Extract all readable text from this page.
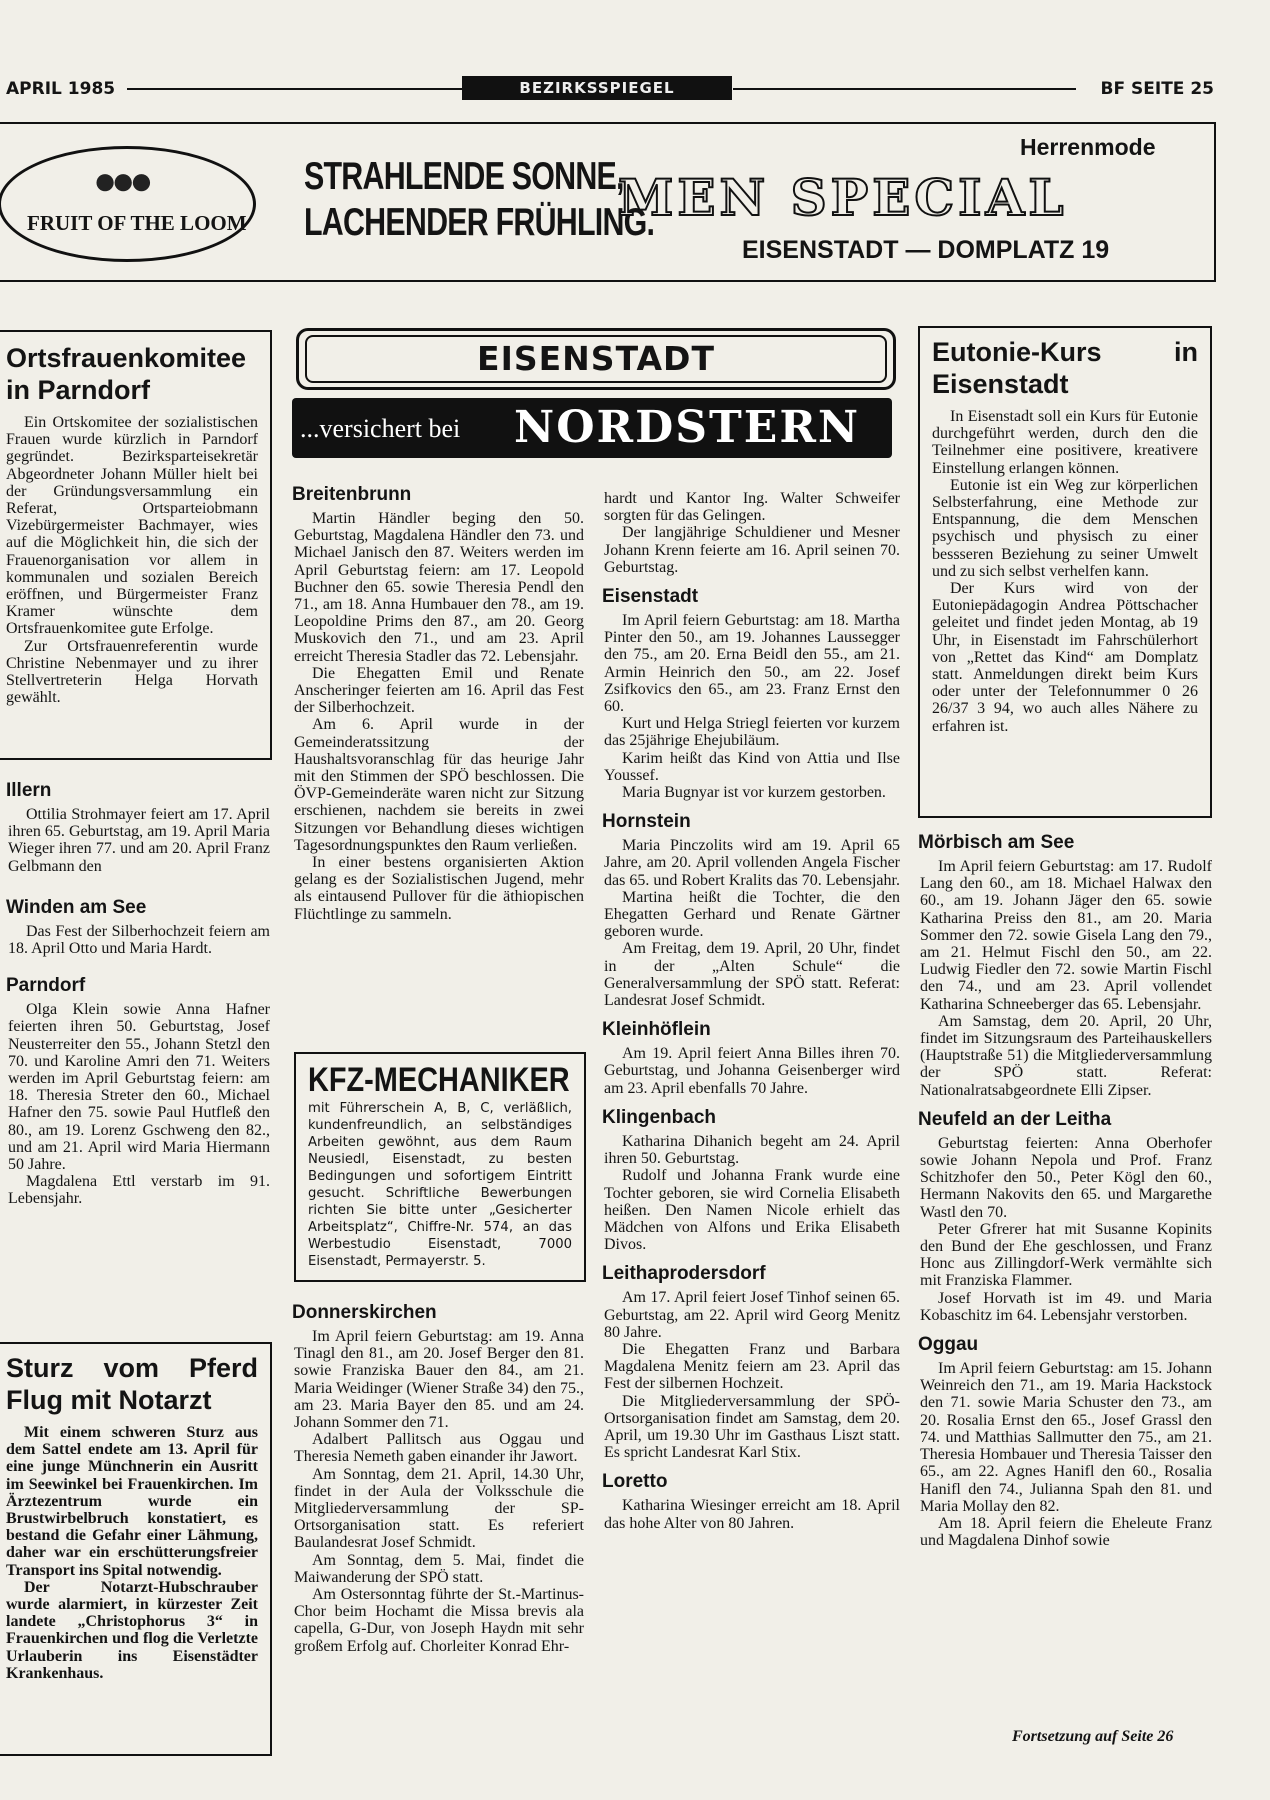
APRIL 1985	BEZIRKSSPIEGEL	BF SEITE 25
●●●
FRUIT OF THE LOOM
STRAHLENDE SONNE,
LACHENDER FRÜHLING.
Herrenmode
MEN SPECIAL
EISENSTADT — DOMPLATZ 19
Ortsfrauenkomitee in Parndorf

Ein Ortskomitee der sozialistischen Frauen wurde kürzlich in Parndorf gegründet. Bezirksparteisekretär Abgeordneter Johann Müller hielt bei der Gründungsversammlung ein Referat, Ortsparteiobmann Vizebürgermeister Bachmayer, wies auf die Möglichkeit hin, die sich der Frauenorganisation vor allem in kommunalen und sozialen Bereich eröffnen, und Bürgermeister Franz Kramer wünschte dem Ortsfrauenkomitee gute Erfolge.

Zur Ortsfrauenreferentin wurde Christine Nebenmayer und zu ihrer Stellvertreterin Helga Horvath gewählt.

Illern

Ottilia Strohmayer feiert am 17. April ihren 65. Geburtstag, am 19. April Maria Wieger ihren 77. und am 20. April Franz Gelbmann den

Winden am See

Das Fest der Silberhochzeit feiern am 18. April Otto und Maria Hardt.

Parndorf

Olga Klein sowie Anna Hafner feierten ihren 50. Geburtstag, Josef Neusterreiter den 55., Johann Stetzl den 70. und Karoline Amri den 71. Weiters werden im April Geburtstag feiern: am 18. Theresia Streter den 60., Michael Hafner den 75. sowie Paul Hutfleß den 80., am 19. Lorenz Gschweng den 82., und am 21. April wird Maria Hiermann 50 Jahre.

Magdalena Ettl verstarb im 91. Lebensjahr.

Sturz vom Pferd Flug mit Notarzt

Mit einem schweren Sturz aus dem Sattel endete am 13. April für eine junge Münchnerin ein Ausritt im Seewinkel bei Frauenkirchen. Im Ärztezentrum wurde ein Brustwirbelbruch konstatiert, es bestand die Gefahr einer Lähmung, daher war ein erschütterungsfreier Transport ins Spital notwendig.

Der Notarzt-Hubschrauber wurde alarmiert, in kürzester Zeit landete „Christophorus 3“ in Frauenkirchen und flog die Verletzte Urlauberin ins Eisenstädter Krankenhaus.

EISENSTADT
...versichert bei NORDSTERN
Breitenbrunn

Martin Händler beging den 50. Geburtstag, Magdalena Händler den 73. und Michael Janisch den 87. Weiters werden im April Geburtstag feiern: am 17. Leopold Buchner den 65. sowie Theresia Pendl den 71., am 18. Anna Humbauer den 78., am 19. Leopoldine Prims den 87., am 20. Georg Muskovich den 71., und am 23. April erreicht Theresia Stadler das 72. Lebensjahr.

Die Ehegatten Emil und Renate Anscheringer feierten am 16. April das Fest der Silberhochzeit.

Am 6. April wurde in der Gemeinderatssitzung der Haushaltsvoranschlag für das heurige Jahr mit den Stimmen der SPÖ beschlossen. Die ÖVP-Gemeinderäte waren nicht zur Sitzung erschienen, nachdem sie bereits in zwei Sitzungen vor Behandlung dieses wichtigen Tagesordnungspunktes den Raum verließen.

In einer bestens organisierten Aktion gelang es der Sozialistischen Jugend, mehr als eintausend Pullover für die äthiopischen Flüchtlinge zu sammeln.

KFZ-MECHANIKER
mit Führerschein A, B, C, verläßlich, kundenfreundlich, an selbständiges Arbeiten gewöhnt, aus dem Raum Neusiedl, Eisenstadt, zu besten Bedingungen und sofortigem Eintritt gesucht. Schriftliche Bewerbungen richten Sie bitte unter „Gesicherter Arbeitsplatz“, Chiffre-Nr. 574, an das Werbestudio Eisenstadt, 7000 Eisenstadt, Permayerstr. 5.
Donnerskirchen

Im April feiern Geburtstag: am 19. Anna Tinagl den 81., am 20. Josef Berger den 81. sowie Franziska Bauer den 84., am 21. Maria Weidinger (Wiener Straße 34) den 75., am 23. Maria Bayer den 85. und am 24. Johann Sommer den 71.

Adalbert Pallitsch aus Oggau und Theresia Nemeth gaben einander ihr Jawort.

Am Sonntag, dem 21. April, 14.30 Uhr, findet in der Aula der Volksschule die Mitgliederversammlung der SP-Ortsorganisation statt. Es referiert Baulandesrat Josef Schmidt.

Am Sonntag, dem 5. Mai, findet die Maiwanderung der SPÖ statt.

Am Ostersonntag führte der St.-Martinus-Chor beim Hochamt die Missa brevis ala capella, G-Dur, von Joseph Haydn mit sehr großem Erfolg auf. Chorleiter Konrad Ehr-

hardt und Kantor Ing. Walter Schweifer sorgten für das Gelingen.

Der langjährige Schuldiener und Mesner Johann Krenn feierte am 16. April seinen 70. Geburtstag.

Eisenstadt

Im April feiern Geburtstag: am 18. Martha Pinter den 50., am 19. Johannes Laussegger den 75., am 20. Erna Beidl den 55., am 21. Armin Heinrich den 50., am 22. Josef Zsifkovics den 65., am 23. Franz Ernst den 60.

Kurt und Helga Striegl feierten vor kurzem das 25jährige Ehejubiläum.

Karim heißt das Kind von Attia und Ilse Youssef.

Maria Bugnyar ist vor kurzem gestorben.

Hornstein

Maria Pinczolits wird am 19. April 65 Jahre, am 20. April vollenden Angela Fischer das 65. und Robert Kralits das 70. Lebensjahr.

Martina heißt die Tochter, die den Ehegatten Gerhard und Renate Gärtner geboren wurde.

Am Freitag, dem 19. April, 20 Uhr, findet in der „Alten Schule“ die Generalversammlung der SPÖ statt. Referat: Landesrat Josef Schmidt.

Kleinhöflein

Am 19. April feiert Anna Billes ihren 70. Geburtstag, und Johanna Geisenberger wird am 23. April ebenfalls 70 Jahre.

Klingenbach

Katharina Dihanich begeht am 24. April ihren 50. Geburtstag.

Rudolf und Johanna Frank wurde eine Tochter geboren, sie wird Cornelia Elisabeth heißen. Den Namen Nicole erhielt das Mädchen von Alfons und Erika Elisabeth Divos.

Leithaprodersdorf

Am 17. April feiert Josef Tinhof seinen 65. Geburtstag, am 22. April wird Georg Menitz 80 Jahre.

Die Ehegatten Franz und Barbara Magdalena Menitz feiern am 23. April das Fest der silbernen Hochzeit.

Die Mitgliederversammlung der SPÖ-Ortsorganisation findet am Samstag, dem 20. April, um 19.30 Uhr im Gasthaus Liszt statt. Es spricht Landesrat Karl Stix.

Loretto

Katharina Wiesinger erreicht am 18. April das hohe Alter von 80 Jahren.

Eutonie-Kurs in Eisenstadt

In Eisenstadt soll ein Kurs für Eutonie durchgeführt werden, durch den die Teilnehmer eine positivere, kreativere Einstellung erlangen können.

Eutonie ist ein Weg zur körperlichen Selbsterfahrung, eine Methode zur Entspannung, die dem Menschen psychisch und physisch zu einer bessseren Beziehung zu seiner Umwelt und zu sich selbst verhelfen kann.

Der Kurs wird von der Eutoniepädagogin Andrea Pöttschacher geleitet und findet jeden Montag, ab 19 Uhr, in Eisenstadt im Fahrschülerhort von „Rettet das Kind“ am Domplatz statt. Anmeldungen direkt beim Kurs oder unter der Telefonnummer 0 26 26/37 3 94, wo auch alles Nähere zu erfahren ist.

Mörbisch am See

Im April feiern Geburtstag: am 17. Rudolf Lang den 60., am 18. Michael Halwax den 60., am 19. Johann Jäger den 65. sowie Katharina Preiss den 81., am 20. Maria Sommer den 72. sowie Gisela Lang den 79., am 21. Helmut Fischl den 50., am 22. Ludwig Fiedler den 72. sowie Martin Fischl den 74., und am 23. April vollendet Katharina Schneeberger das 65. Lebensjahr.

Am Samstag, dem 20. April, 20 Uhr, findet im Sitzungsraum des Parteihauskellers (Hauptstraße 51) die Mitgliederversammlung der SPÖ statt. Referat: Nationalratsabgeordnete Elli Zipser.

Neufeld an der Leitha

Geburtstag feierten: Anna Oberhofer sowie Johann Nepola und Prof. Franz Schitzhofer den 50., Peter Kögl den 60., Hermann Nakovits den 65. und Margarethe Wastl den 70.

Peter Gfrerer hat mit Susanne Kopinits den Bund der Ehe geschlossen, und Franz Honc aus Zillingdorf-Werk vermählte sich mit Franziska Flammer.

Josef Horvath ist im 49. und Maria Kobaschitz im 64. Lebensjahr verstorben.

Oggau

Im April feiern Geburtstag: am 15. Johann Weinreich den 71., am 19. Maria Hackstock den 71. sowie Maria Schuster den 73., am 20. Rosalia Ernst den 65., Josef Grassl den 74. und Matthias Sallmutter den 75., am 21. Theresia Hombauer und Theresia Taisser den 65., am 22. Agnes Hanifl den 60., Rosalia Hanifl den 74., Julianna Spah den 81. und Maria Mollay den 82.

Am 18. April feiern die Eheleute Franz und Magdalena Dinhof sowie

Fortsetzung auf Seite 26
